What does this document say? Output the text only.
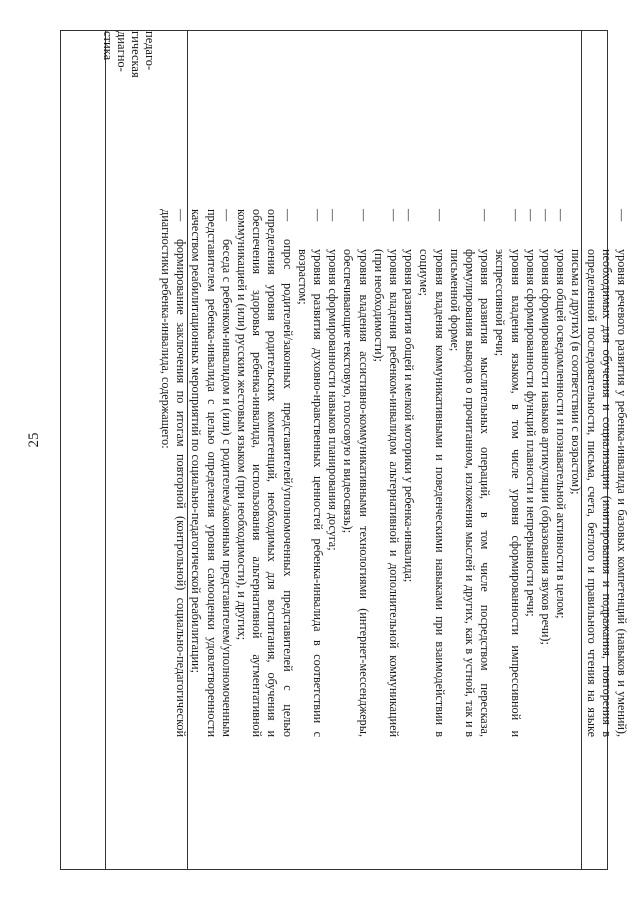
25
педаго-
гическая
диагно-
стика
—
уровня речевого развития у ребенка-инвалида и базовых компетенций (навыков и умений), необходимых для обучения и социализации (имитирования и подражания, повторения в определенной последовательности, письма, счета, беглого и правильного чтения на языке письма и других) (в соответствии с возрастом);
—
уровня общей осведомленности и познавательной активности в целом;
—
уровня сформированности навыков артикуляции (образования звуков речи);
—
уровня сформированности функций плавности и непрерывности речи;
—
уровня владения языком, в том числе уровня сформированности импрессивной и экспрессивной речи;
—
уровня развития мыслительных операций, в том числе посредством пересказа, формулирования выводов о прочитанном, изложения мыслей и других, как в устной, так и в письменной форме;
—
уровня владения коммуникативными и поведенческими навыками при взаимодействии в социуме;
—
уровня развития общей и мелкой моторики у ребенка-инвалида;
—
уровня владения ребенком-инвалидом альтернативной и дополнительной коммуникацией (при необходимости);
—
уровня владения ассистивно-коммуникативными технологиями (интернет-мессенджеры, обеспечивающие текстовую, голосовую и видеосвязь);
—
уровня сформированности навыков планирования досуга;
—
уровня развития духовно-нравственных ценностей ребенка-инвалида в соответствии с возрастом;
—опрос родителей/законных представителей/уполномоченных представителей с целью определения уровня родительских компетенций, необходимых для воспитания, обучения и обеспечения здоровья ребенка-инвалида, использования альтернативной аугментативной коммуникацией и (или) русским жестовым языком (при необходимости), и других;
—беседа с ребенком-инвалидом и (или) с родителем/законным представителем/уполномоченным представителем ребенка-инвалида с целью определения уровня самооценки удовлетворенности качеством реабилитационных мероприятий по социально-педагогической реабилитации;
—формирование заключения по итогам повторной (контрольной) социально-педагогической диагностики ребенка-инвалида, содержащего:
